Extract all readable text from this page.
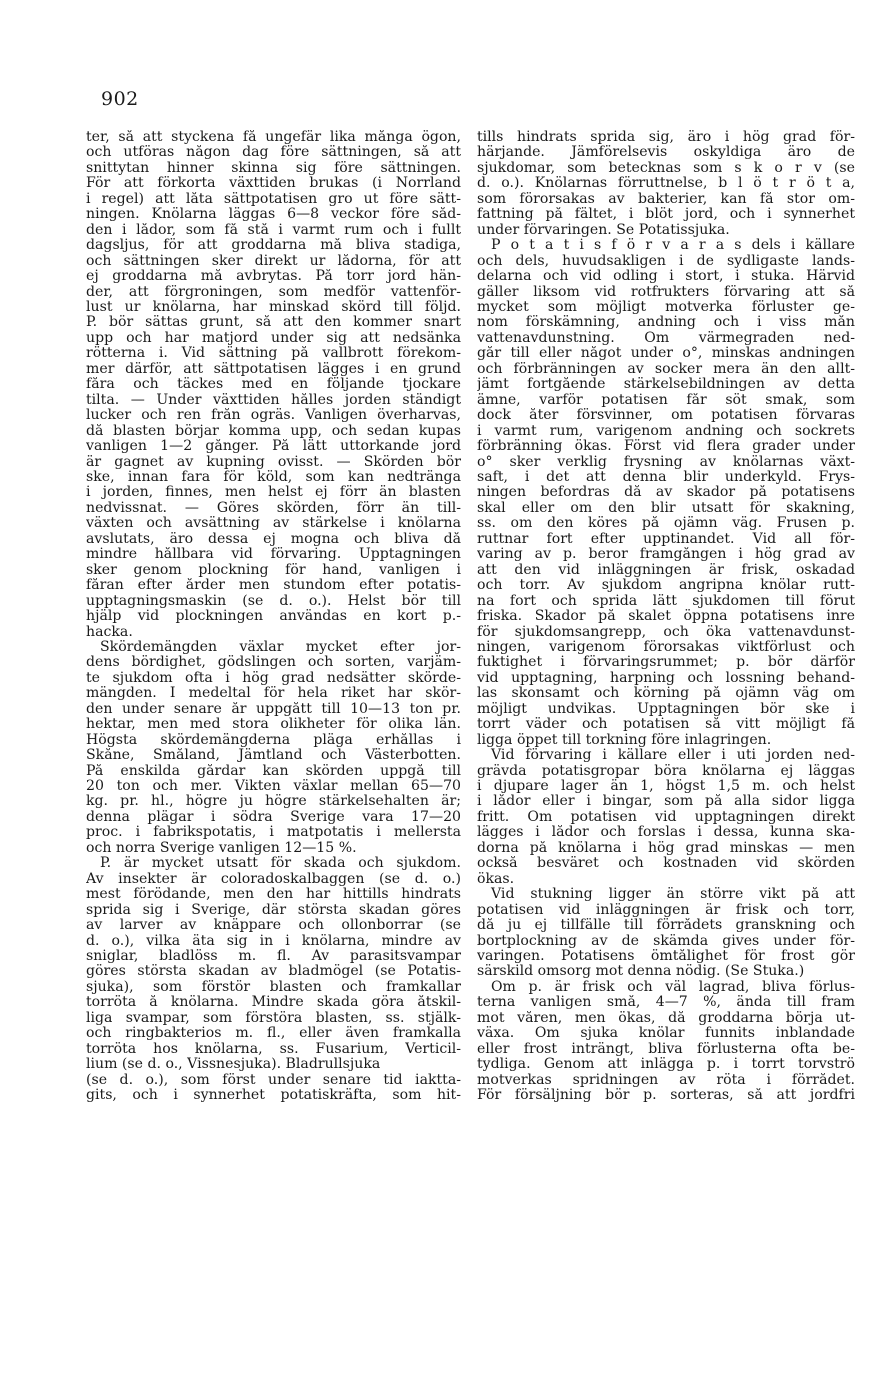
902
ter, så att styckena få ungefär lika många ögon,
och utföras någon dag före sättningen, så att
snittytan hinner skinna sig före sättningen.
För att förkorta växttiden brukas (i Norrland
i regel) att låta sättpotatisen gro ut före sätt-
ningen. Knölarna läggas 6—8 veckor före såd-
den i lådor, som få stå i varmt rum och i fullt
dagsljus, för att groddarna må bliva stadiga,
och sättningen sker direkt ur lådorna, för att
ej groddarna må avbrytas. På torr jord hän-
der, att förgroningen, som medför vattenför-
lust ur knölarna, har minskad skörd till följd.
P. bör sättas grunt, så att den kommer snart
upp och har matjord under sig att nedsänka
rötterna i. Vid sättning på vallbrott förekom-
mer därför, att sättpotatisen lägges i en grund
fåra och täckes med en följande tjockare
tilta. — Under växttiden hålles jorden ständigt
lucker och ren från ogräs. Vanligen överharvas,
då blasten börjar komma upp, och sedan kupas
vanligen 1—2 gånger. På lätt uttorkande jord
är gagnet av kupning ovisst. — Skörden bör
ske, innan fara för köld, som kan nedtränga
i jorden, finnes, men helst ej förr än blasten
nedvissnat. — Göres skörden, förr än till-
växten och avsättning av stärkelse i knölarna
avslutats, äro dessa ej mogna och bliva då
mindre hållbara vid förvaring. Upptagningen
sker genom plockning för hand, vanligen i
fåran efter årder men stundom efter potatis-
upptagningsmaskin (se d. o.). Helst bör till
hjälp vid plockningen användas en kort p.-
hacka.
Skördemängden växlar mycket efter jor-
dens bördighet, gödslingen och sorten, varjäm-
te sjukdom ofta i hög grad nedsätter skörde-
mängden. I medeltal för hela riket har skör-
den under senare år uppgått till 10—13 ton pr.
hektar, men med stora olikheter för olika län.
Högsta skördemängderna pläga erhållas i
Skåne, Småland, Jämtland och Västerbotten.
På enskilda gårdar kan skörden uppgå till
20 ton och mer. Vikten växlar mellan 65—70
kg. pr. hl., högre ju högre stärkelsehalten är;
denna plägar i södra Sverige vara 17—20
proc. i fabrikspotatis, i matpotatis i mellersta
och norra Sverige vanligen 12—15 %.
P. är mycket utsatt för skada och sjukdom.
Av insekter är coloradoskalbaggen (se d. o.)
mest förödande, men den har hittills hindrats
sprida sig i Sverige, där största skadan göres
av larver av knäppare och ollonborrar (se
d. o.), vilka äta sig in i knölarna, mindre av
sniglar, bladlöss m. fl. Av parasitsvampar
göres största skadan av bladmögel (se Potatis-
sjuka), som förstör blasten och framkallar
torröta å knölarna. Mindre skada göra åtskil-
liga svampar, som förstöra blasten, ss. stjälk-
och ringbakterios m. fl., eller även framkalla
torröta hos knölarna, ss. Fusarium, Verticil-
lium (se d. o., Vissnesjuka). Bladrullsjuka
(se d. o.), som först under senare tid iakttа-
gits, och i synnerhet potatiskräfta, som hit-
tills hindrats sprida sig, äro i hög grad för-
härjande. Jämförelsevis oskyldiga äro de
sjukdomar, som betecknas som s k o r v (se
d. o.). Knölarnas förruttnelse, b l ö t r ö t a,
som förorsakas av bakterier, kan få stor om-
fattning på fältet, i blöt jord, och i synnerhet
under förvaringen. Se Potatissjuka.
P o t a t i s f ö r v a r a s dels i källare
och dels, huvudsakligen i de sydligaste lands-
delarna och vid odling i stort, i stuka. Härvid
gäller liksom vid rotfrukters förvaring att så
mycket som möjligt motverka förluster ge-
nom förskämning, andning och i viss mån
vattenavdunstning. Om värmegraden ned-
går till eller något under o°, minskas andningen
och förbränningen av socker mera än den allt-
jämt fortgående stärkelsebildningen av detta
ämne, varför potatisen får söt smak, som
dock åter försvinner, om potatisen förvaras
i varmt rum, varigenom andning och sockrets
förbränning ökas. Först vid flera grader under
o° sker verklig frysning av knölarnas växt-
saft, i det att denna blir underkyld. Frys-
ningen befordras då av skador på potatisens
skal eller om den blir utsatt för skakning,
ss. om den köres på ojämn väg. Frusen p.
ruttnar fort efter upptinandet. Vid all för-
varing av p. beror framgången i hög grad av
att den vid inläggningen är frisk, oskadad
och torr. Av sjukdom angripna knölar rutt-
na fort och sprida lätt sjukdomen till förut
friska. Skador på skalet öppna potatisens inre
för sjukdomsangrepp, och öka vattenavdunst-
ningen, varigenom förorsakas viktförlust och
fuktighet i förvaringsrummet; p. bör därför
vid upptagning, harpning och lossning behand-
las skonsamt och körning på ojämn väg om
möjligt undvikas. Upptagningen bör ske i
torrt väder och potatisen så vitt möjligt få
ligga öppet till torkning före inlagringen.
Vid förvaring i källare eller i uti jorden ned-
grävda potatisgropar böra knölarna ej läggas
i djupare lager än 1, högst 1,5 m. och helst
i lådor eller i bingar, som på alla sidor ligga
fritt. Om potatisen vid upptagningen direkt
lägges i lådor och forslas i dessa, kunna ska-
dorna på knölarna i hög grad minskas — men
också besväret och kostnaden vid skörden
ökas.
Vid stukning ligger än större vikt på att
potatisen vid inläggningen är frisk och torr,
då ju ej tillfälle till förrådets granskning och
bortplockning av de skämda gives under för-
varingen. Potatisens ömtålighet för frost gör
särskild omsorg mot denna nödig. (Se Stuka.)
Om p. är frisk och väl lagrad, bliva förlus-
terna vanligen små, 4—7 %, ända till fram
mot våren, men ökas, då groddarna börja ut-
växa. Om sjuka knölar funnits inblandade
eller frost inträngt, bliva förlusterna ofta be-
tydliga. Genom att inlägga p. i torrt torvströ
motverkas spridningen av röta i förrådet.
För försäljning bör p. sorteras, så att jordfri
